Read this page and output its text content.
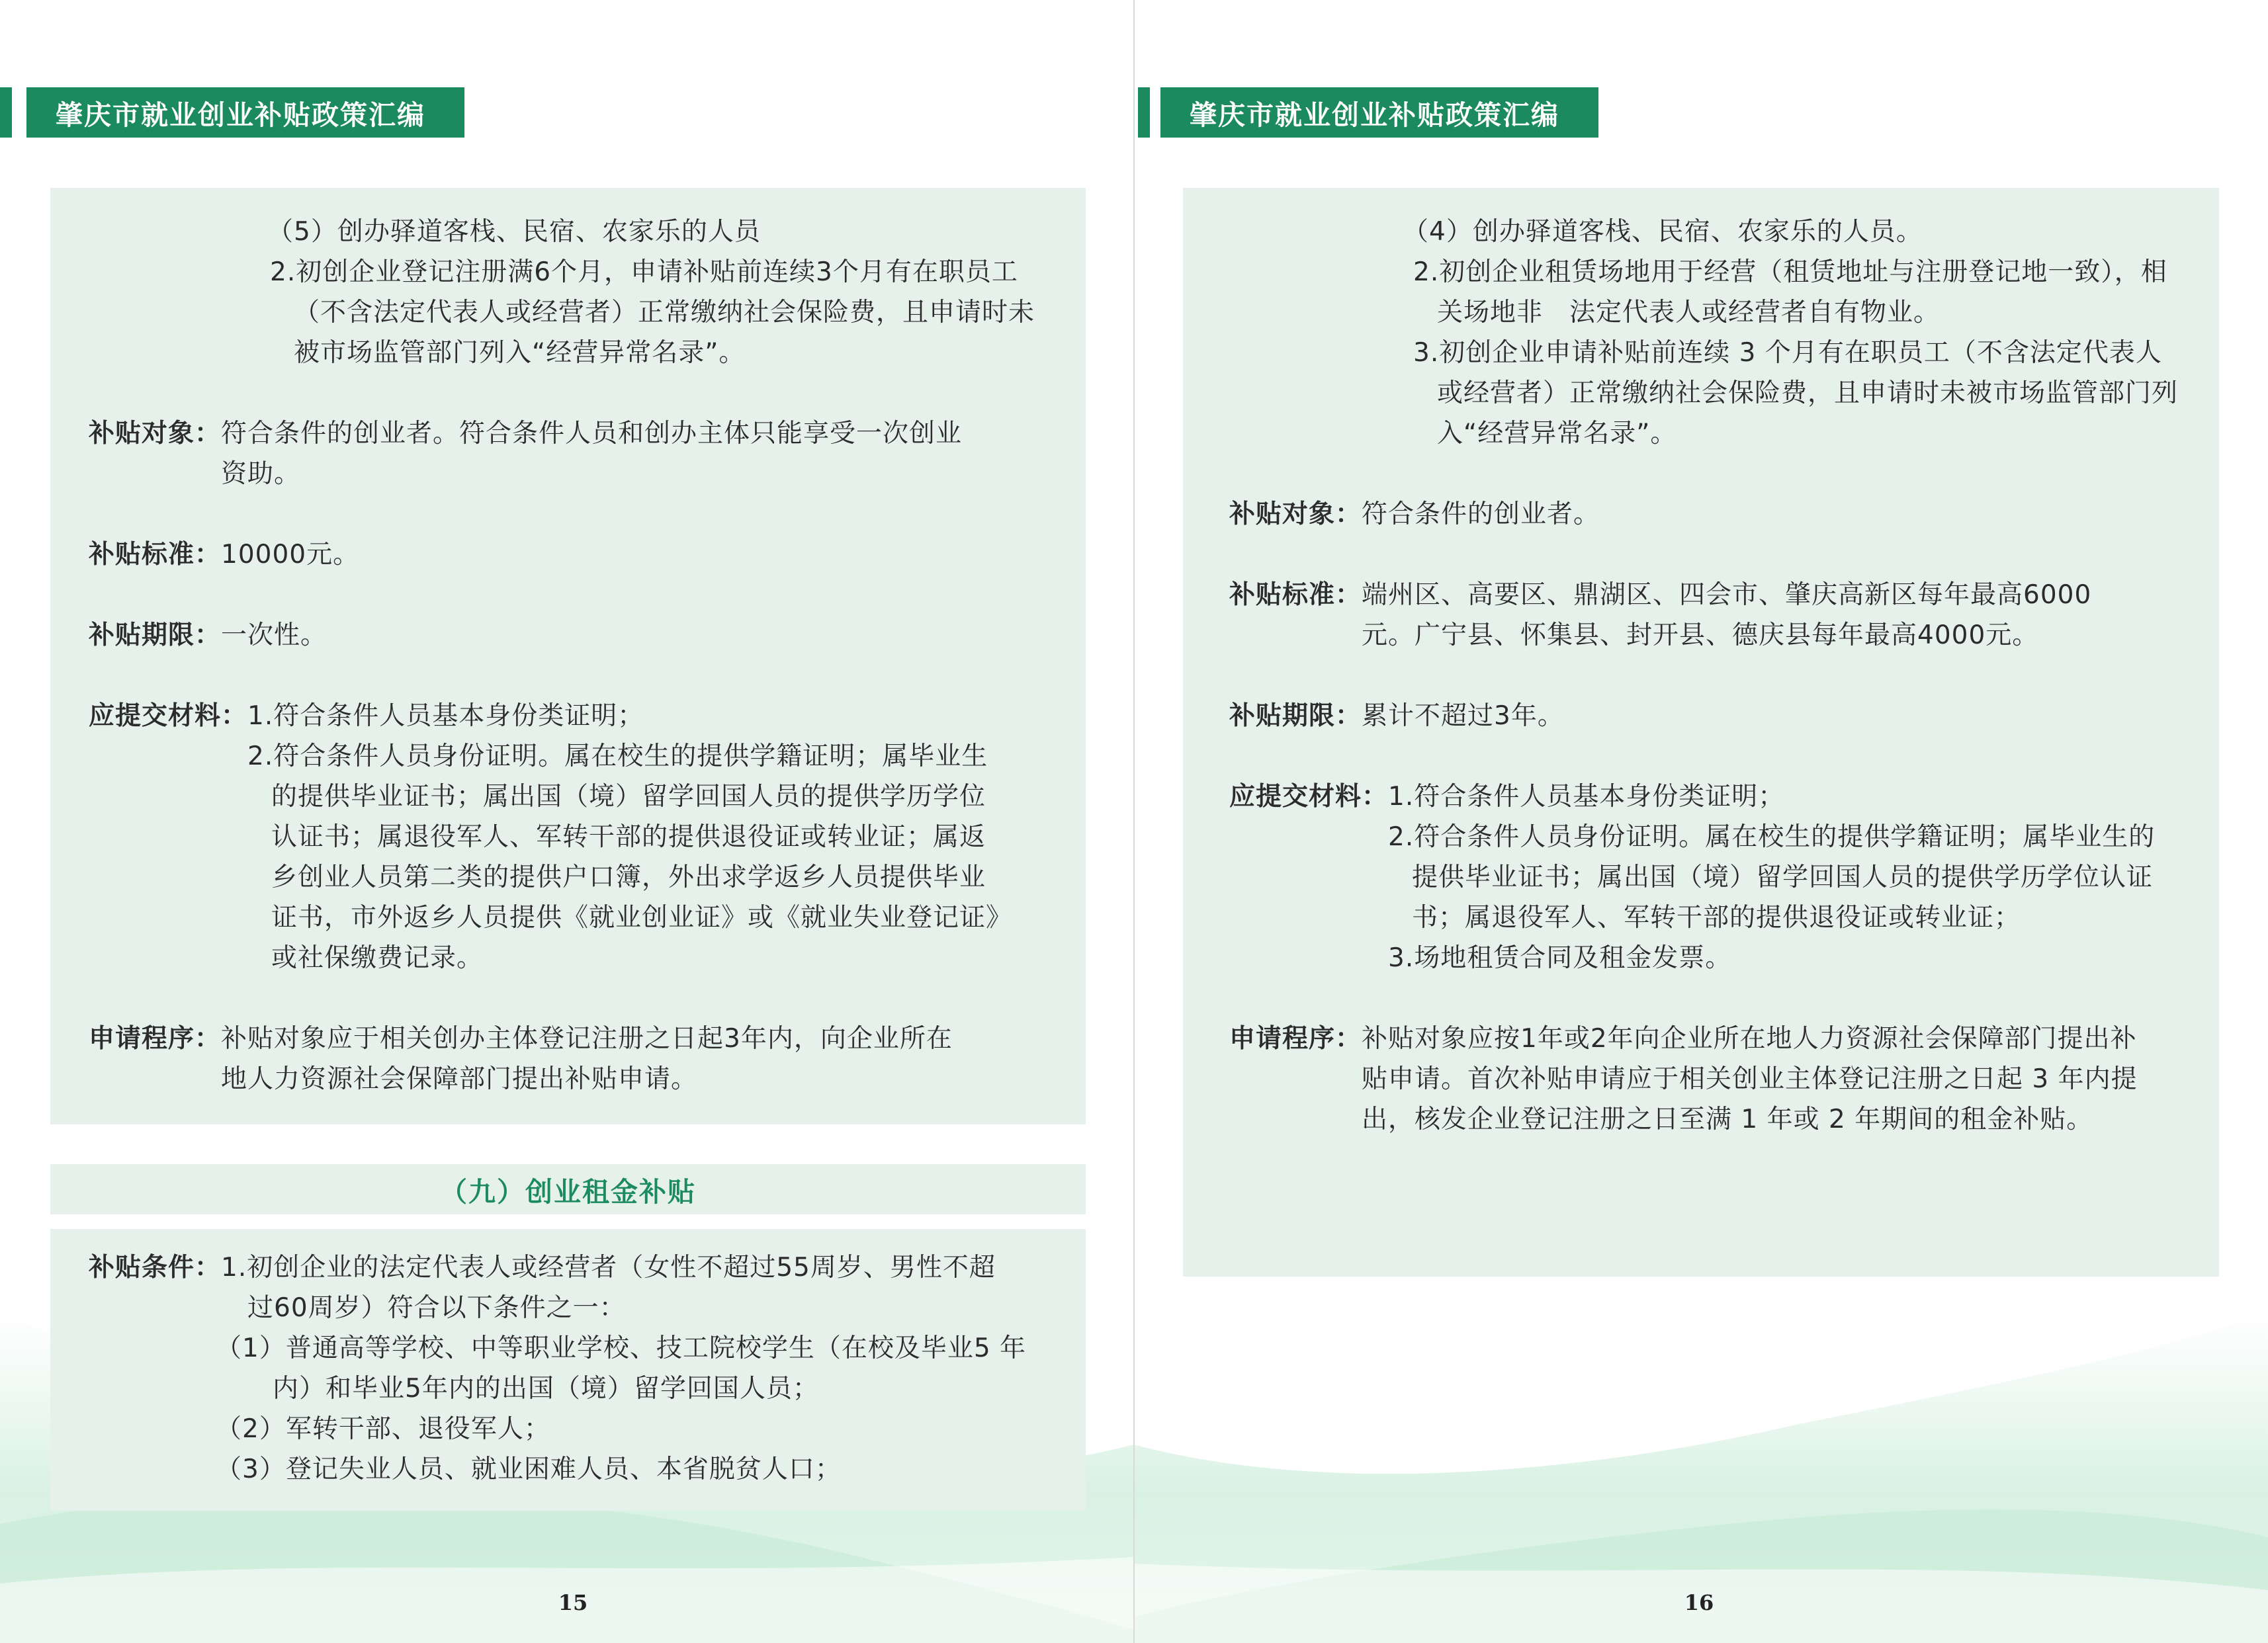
肇庆市就业创业补贴政策汇编
（5）创办驿道客栈、民宿、农家乐的人员
2.初创企业登记注册满6个月，申请补贴前连续3个月有在职员工（不含法定代表人或经营者）正常缴纳社会保险费，且申请时未被市场监管部门列入“经营异常名录”。
补贴对象： 符合条件的创业者。符合条件人员和创办主体只能享受一次创业资助。
补贴标准： 10000元。
补贴期限： 一次性。
应提交材料： 1.符合条件人员基本身份类证明；
2.符合条件人员身份证明。属在校生的提供学籍证明；属毕业生的提供毕业证书；属出国（境）留学回国人员的提供学历学位认证书；属退役军人、军转干部的提供退役证或转业证；属返乡创业人员第二类的提供户口簿，外出求学返乡人员提供毕业证书，市外返乡人员提供《就业创业证》或《就业失业登记证》或社保缴费记录。
申请程序： 补贴对象应于相关创办主体登记注册之日起3年内，向企业所在地人力资源社会保障部门提出补贴申请。
（九）创业租金补贴
补贴条件： 1.初创企业的法定代表人或经营者（女性不超过55周岁、男性不超过60周岁）符合以下条件之一：
（1）普通高等学校、中等职业学校、技工院校学生（在校及毕业5 年内）和毕业5年内的出国（境）留学回国人员；
（2）军转干部、退役军人；
（3）登记失业人员、就业困难人员、本省脱贫人口；
15
肇庆市就业创业补贴政策汇编
（4）创办驿道客栈、民宿、农家乐的人员。
2.初创企业租赁场地用于经营（租赁地址与注册登记地一致），相关场地非　法定代表人或经营者自有物业。
3.初创企业申请补贴前连续 3 个月有在职员工（不含法定代表人或经营者）正常缴纳社会保险费，且申请时未被市场监管部门列入“经营异常名录”。
补贴对象： 符合条件的创业者。
补贴标准： 端州区、高要区、鼎湖区、四会市、肇庆高新区每年最高6000元。广宁县、怀集县、封开县、德庆县每年最高4000元。
补贴期限： 累计不超过3年。
应提交材料： 1.符合条件人员基本身份类证明；
2.符合条件人员身份证明。属在校生的提供学籍证明；属毕业生的提供毕业证书；属出国（境）留学回国人员的提供学历学位认证书；属退役军人、军转干部的提供退役证或转业证；
3.场地租赁合同及租金发票。
申请程序： 补贴对象应按1年或2年向企业所在地人力资源社会保障部门提出补贴申请。首次补贴申请应于相关创业主体登记注册之日起 3 年内提出，核发企业登记注册之日至满 1 年或 2 年期间的租金补贴。
16
